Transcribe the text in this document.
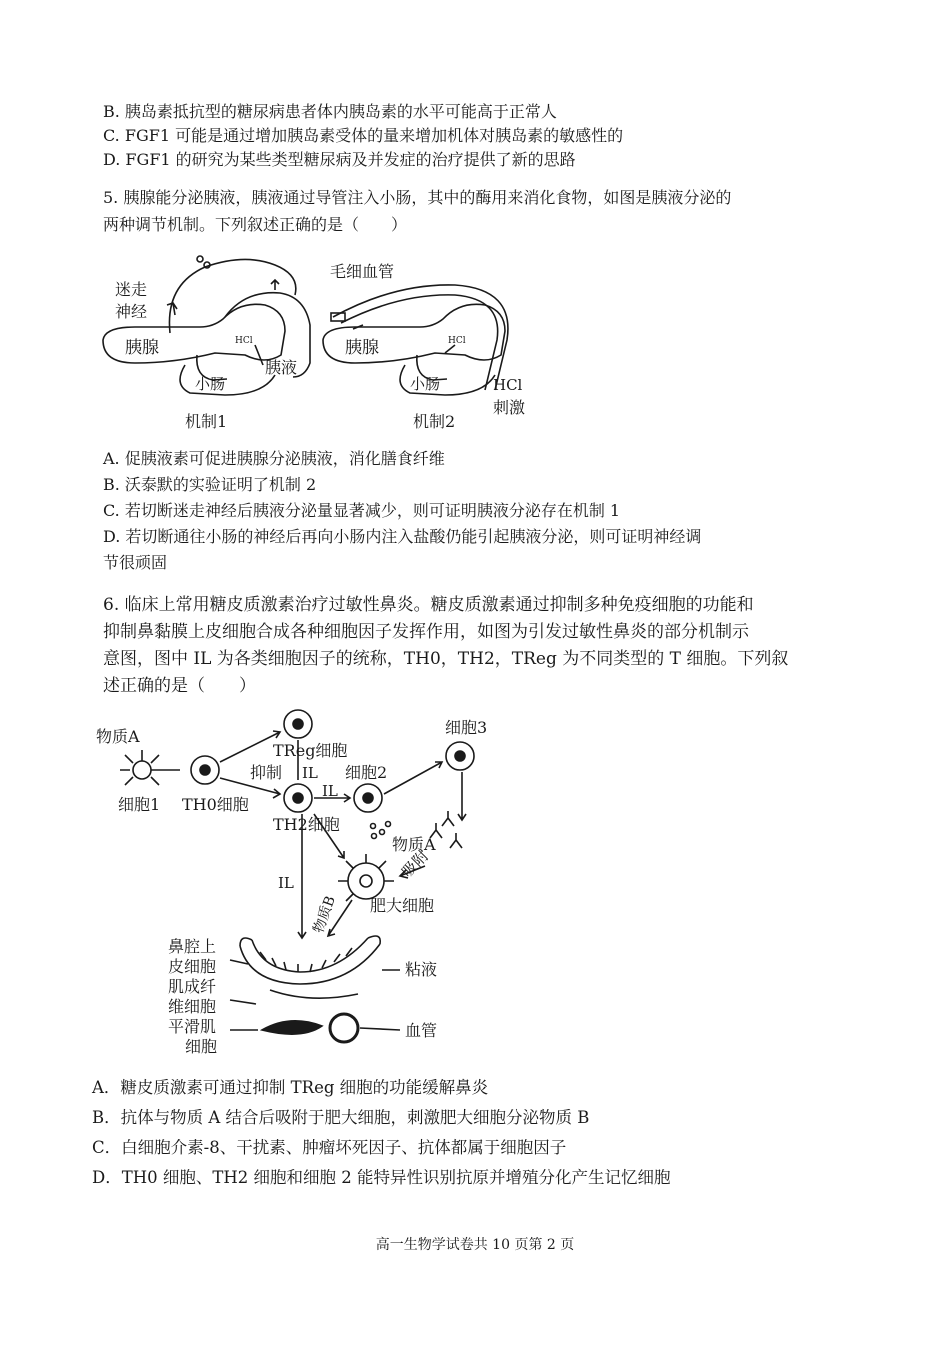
B. 胰岛素抵抗型的糖尿病患者体内胰岛素的水平可能高于正常人
C. FGF1 可能是通过增加胰岛素受体的量来增加机体对胰岛素的敏感性的
D. FGF1 的研究为某些类型糖尿病及并发症的治疗提供了新的思路
5. 胰腺能分泌胰液，胰液通过导管注入小肠，其中的酶用来消化食物，如图是胰液分泌的
两种调节机制。下列叙述正确的是（　　）
迷走
神经
胰腺	HCl
胰液
小肠
机制1
毛细血管
胰腺	HCl
小肠	HCl
刺激
机制2
A. 促胰液素可促进胰腺分泌胰液，消化膳食纤维
B. 沃泰默的实验证明了机制 2
C. 若切断迷走神经后胰液分泌量显著减少，则可证明胰液分泌存在机制 1
D. 若切断通往小肠的神经后再向小肠内注入盐酸仍能引起胰液分泌，则可证明神经调
节很顽固
6. 临床上常用糖皮质激素治疗过敏性鼻炎。糖皮质激素通过抑制多种免疫细胞的功能和
抑制鼻黏膜上皮细胞合成各种细胞因子发挥作用，如图为引发过敏性鼻炎的部分机制示
意图，图中 IL 为各类细胞因子的统称，TH0，TH2，TReg 为不同类型的 T 细胞。下列叙
述正确的是（　　）
物质A
细胞1 TH0细胞
TReg细胞
抑制 IL 细胞2
IL
细胞3
TH2细胞
物质A
吸附
IL
物质B 肥大细胞
鼻腔上
皮细胞
肌成纤
维细胞
平滑肌
细胞
粘液
血管
A．糖皮质激素可通过抑制 TReg 细胞的功能缓解鼻炎
B．抗体与物质 A 结合后吸附于肥大细胞，刺激肥大细胞分泌物质 B
C．白细胞介素-8、干扰素、肿瘤坏死因子、抗体都属于细胞因子
D．TH0 细胞、TH2 细胞和细胞 2 能特异性识别抗原并增殖分化产生记忆细胞
高一生物学试卷共 10 页第 2 页
